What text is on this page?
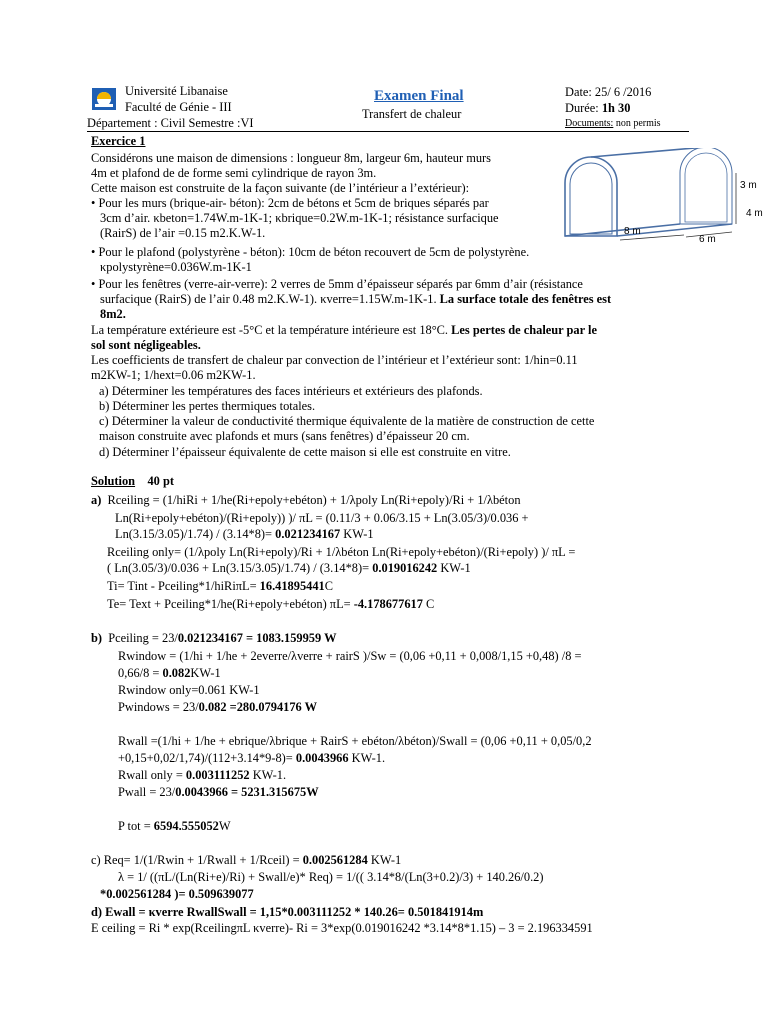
Université Libanaise
Faculté de Génie - III
Département : Civil Semestre :VI
Examen Final
Transfert de chaleur
Date: 25/ 6 /2016
Durée: 1h 30
Documents: non permis
3 m
4 m
8 m
6 m
Exercice 1
Considérons une maison de dimensions : longueur 8m, largeur 6m, hauteur murs
4m et plafond de de forme semi cylindrique de rayon 3m.
Cette maison est construite de la façon suivante (de l’intérieur a l’extérieur):
• Pour les murs (brique-air- béton): 2cm de bétons et 5cm de briques séparés par
3cm d’air. κbeton=1.74W.m-1K-1; κbrique=0.2W.m-1K-1; résistance surfacique
(RairS) de l’air =0.15 m2.K.W-1.
• Pour le plafond (polystyrène - béton): 10cm de béton recouvert de 5cm de polystyrène.
κpolystyrène=0.036W.m-1K-1
• Pour les fenêtres (verre-air-verre): 2 verres de 5mm d’épaisseur séparés par 6mm d’air (résistance
surfacique (RairS) de l’air 0.48 m2.K.W-1). κverre=1.15W.m-1K-1. La surface totale des fenêtres est
8m2.
La température extérieure est -5°C et la température intérieure est 18°C. Les pertes de chaleur par le
sol sont négligeables.
Les coefficients de transfert de chaleur par convection de l’intérieur et l’extérieur sont: 1/hin=0.11
m2KW-1; 1/hext=0.06 m2KW-1.
a) Déterminer les températures des faces intérieurs et extérieurs des plafonds.
b) Déterminer les pertes thermiques totales.
c) Déterminer la valeur de conductivité thermique équivalente de la matière de construction de cette
maison construite avec plafonds et murs (sans fenêtres) d’épaisseur 20 cm.
d) Déterminer l’épaisseur équivalente de cette maison si elle est construite en vitre.
Solution 40 pt
a)  Rceiling = (1/hiRi + 1/he(Ri+epoly+ebéton) + 1/λpoly Ln(Ri+epoly)/Ri + 1/λbéton
Ln(Ri+epoly+ebéton)/(Ri+epoly)) )/ πL = (0.11/3 + 0.06/3.15 + Ln(3.05/3)/0.036 +
Ln(3.15/3.05)/1.74) / (3.14*8)= 0.021234167 KW-1
Rceiling only= (1/λpoly Ln(Ri+epoly)/Ri + 1/λbéton Ln(Ri+epoly+ebéton)/(Ri+epoly) )/ πL =
( Ln(3.05/3)/0.036 + Ln(3.15/3.05)/1.74) / (3.14*8)= 0.019016242 KW-1
Ti= Tint - Pceiling*1/hiRiπL= 16.41895441C
Te= Text + Pceiling*1/he(Ri+epoly+ebéton) πL= -4.178677617 C
b)  Pceiling = 23/0.021234167 = 1083.159959 W
Rwindow = (1/hi + 1/he + 2everre/λverre + rairS )/Sw = (0,06 +0,11 + 0,008/1,15 +0,48) /8 =
0,66/8 = 0.082KW-1
Rwindow only=0.061 KW-1
Pwindows = 23/0.082 =280.0794176 W
Rwall =(1/hi + 1/he + ebrique/λbrique + RairS + ebéton/λbéton)/Swall = (0,06 +0,11 + 0,05/0,2
+0,15+0,02/1,74)/(112+3.14*9-8)= 0.0043966 KW-1.
Rwall only = 0.003111252 KW-1.
Pwall = 23/0.0043966 = 5231.315675W
P tot = 6594.555052W
c) Req= 1/(1/Rwin + 1/Rwall + 1/Rceil) = 0.002561284 KW-1
λ = 1/ ((πL/(Ln(Ri+e)/Ri) + Swall/e)* Req) = 1/(( 3.14*8/(Ln(3+0.2)/3) + 140.26/0.2)
*0.002561284 )= 0.509639077
d) Ewall = κverre RwallSwall = 1,15*0.003111252 * 140.26= 0.501841914m
E ceiling = Ri * exp(RceilingπL κverre)- Ri = 3*exp(0.019016242 *3.14*8*1.15) – 3 = 2.196334591
